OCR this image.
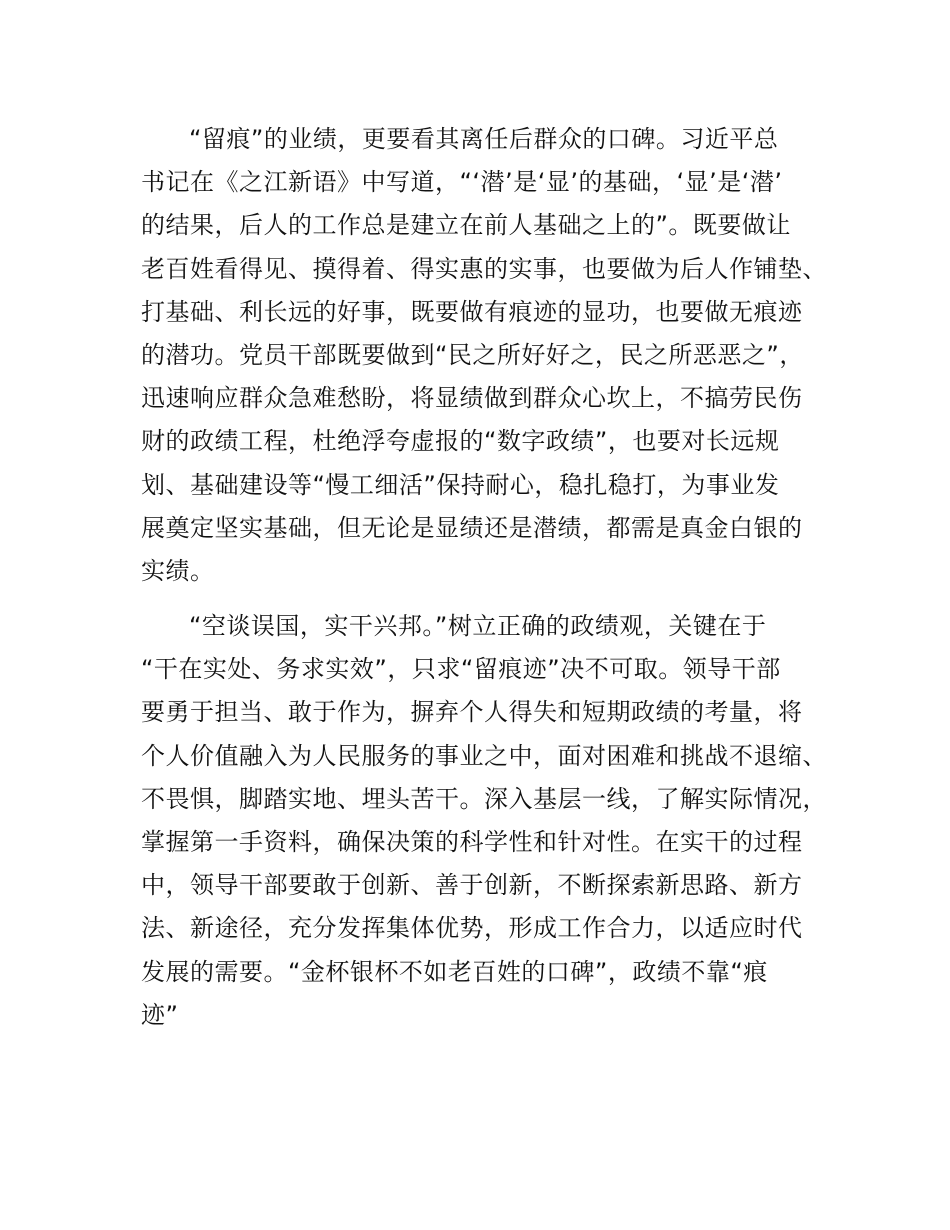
“留痕”的业绩，更要看其离任后群众的口碑。习近平总
书记在《之江新语》中写道，“‘潜’是‘显’的基础，‘显’是‘潜’
的结果，后人的工作总是建立在前人基础之上的”。既要做让
老百姓看得见、摸得着、得实惠的实事，也要做为后人作铺垫、
打基础、利长远的好事，既要做有痕迹的显功，也要做无痕迹
的潜功。党员干部既要做到“民之所好好之，民之所恶恶之”，
迅速响应群众急难愁盼，将显绩做到群众心坎上，不搞劳民伤
财的政绩工程，杜绝浮夸虚报的“数字政绩”，也要对长远规
划、基础建设等“慢工细活”保持耐心，稳扎稳打，为事业发
展奠定坚实基础，但无论是显绩还是潜绩，都需是真金白银的
实绩。
“空谈误国，实干兴邦。”树立正确的政绩观，关键在于
“干在实处、务求实效”，只求“留痕迹”决不可取。领导干部
要勇于担当、敢于作为，摒弃个人得失和短期政绩的考量，将
个人价值融入为人民服务的事业之中，面对困难和挑战不退缩、
不畏惧，脚踏实地、埋头苦干。深入基层一线，了解实际情况，
掌握第一手资料，确保决策的科学性和针对性。在实干的过程
中，领导干部要敢于创新、善于创新，不断探索新思路、新方
法、新途径，充分发挥集体优势，形成工作合力，以适应时代
发展的需要。“金杯银杯不如老百姓的口碑”，政绩不靠“痕
迹”
